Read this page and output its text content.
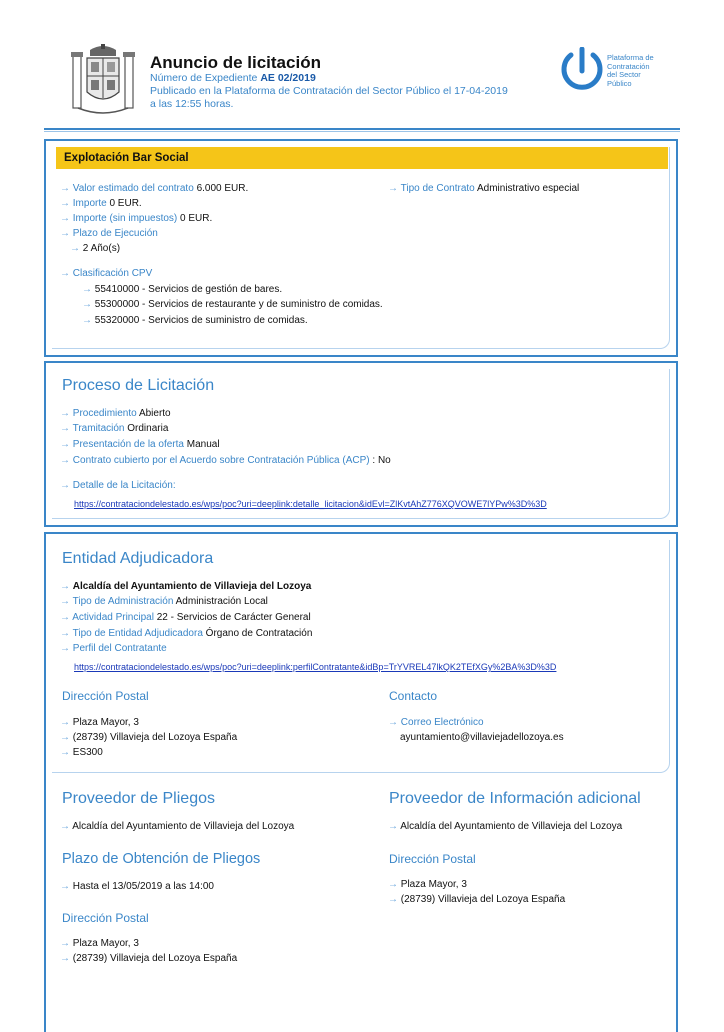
Anuncio de licitación
Número de Expediente AE 02/2019
Publicado en la Plataforma de Contratación del Sector Público el 17-04-2019
a las 12:55 horas.
Plataforma de
Contratación
del Sector
Público
Explotación Bar Social
→ Valor estimado del contrato 6.000 EUR.	→ Tipo de Contrato Administrativo especial
→ Importe 0 EUR.
→ Importe (sin impuestos) 0 EUR.
→ Plazo de Ejecución
→ 2 Año(s)
→ Clasificación CPV
→ 55410000 - Servicios de gestión de bares.
→ 55300000 - Servicios de restaurante y de suministro de comidas.
→ 55320000 - Servicios de suministro de comidas.
Proceso de Licitación
→ Procedimiento Abierto
→ Tramitación Ordinaria
→ Presentación de la oferta Manual
→ Contrato cubierto por el Acuerdo sobre Contratación Pública (ACP) : No
→ Detalle de la Licitación:
https://contrataciondelestado.es/wps/poc?uri=deeplink:detalle_licitacion&idEvl=ZlKvtAhZ776XQVOWE7lYPw%3D%3D
Entidad Adjudicadora
→ Alcaldía del Ayuntamiento de Villavieja del Lozoya
→ Tipo de Administración Administración Local
→ Actividad Principal 22 - Servicios de Carácter General
→ Tipo de Entidad Adjudicadora Órgano de Contratación
→ Perfil del Contratante
https://contrataciondelestado.es/wps/poc?uri=deeplink:perfilContratante&idBp=TrYVREL47lkQK2TEfXGy%2BA%3D%3D
Dirección Postal
→ Plaza Mayor, 3
→ (28739) Villavieja del Lozoya España
→ ES300
Contacto
→ Correo Electrónico
ayuntamiento@villaviejadellozoya.es
Proveedor de Pliegos
→ Alcaldía del Ayuntamiento de Villavieja del Lozoya
Plazo de Obtención de Pliegos
→ Hasta el 13/05/2019 a las 14:00
Dirección Postal
→ Plaza Mayor, 3
→ (28739) Villavieja del Lozoya España
Proveedor de Información adicional
→ Alcaldía del Ayuntamiento de Villavieja del Lozoya
Dirección Postal
→ Plaza Mayor, 3
→ (28739) Villavieja del Lozoya España
